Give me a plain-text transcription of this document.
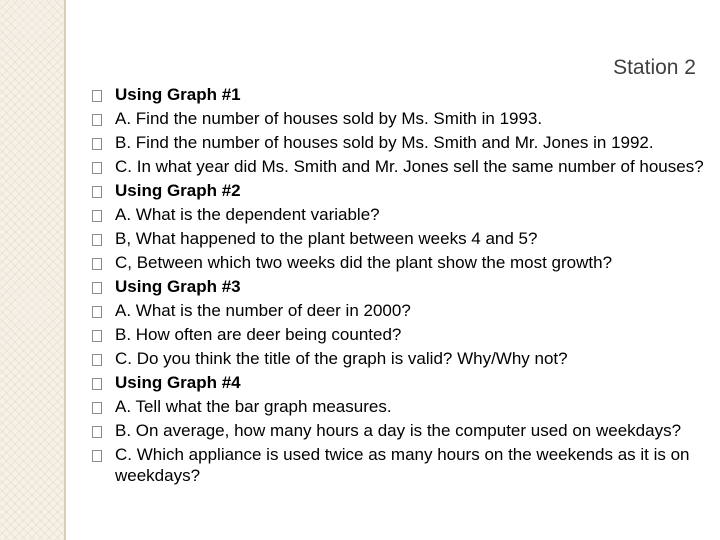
Station 2
Using Graph #1
A. Find the number of houses sold by Ms. Smith in 1993.
B. Find the number of houses sold by Ms. Smith and Mr. Jones in 1992.
C. In what year did Ms. Smith and Mr. Jones sell the same number of houses?
Using Graph #2
A. What is the dependent variable?
B, What happened to the plant between weeks 4 and 5?
C, Between which two weeks did the plant show the most growth?
Using Graph #3
A. What is the number of deer in 2000?
B. How often are deer being counted?
C. Do you think the title of the graph is valid? Why/Why not?
Using Graph #4
A. Tell what the bar graph measures.
B. On average, how many hours a day is the computer used on weekdays?
C. Which appliance is used twice as many hours on the weekends as it is on weekdays?
